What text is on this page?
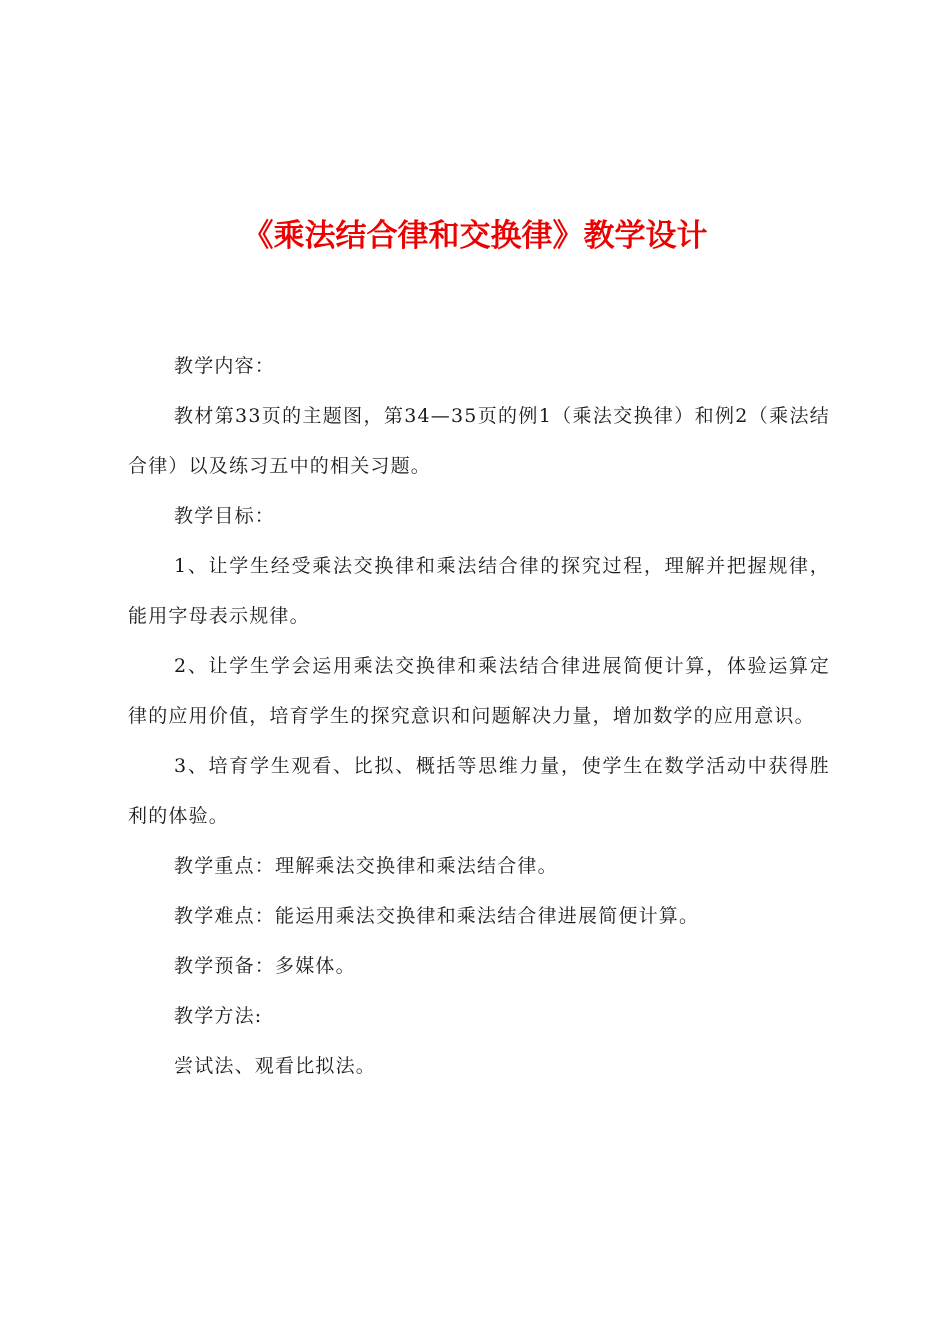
《乘法结合律和交换律》教学设计

教学内容：

教材第33页的主题图，第34—35页的例1（乘法交换律）和例2（乘法结合律）以及练习五中的相关习题。

教学目标：

1、让学生经受乘法交换律和乘法结合律的探究过程，理解并把握规律，能用字母表示规律。

2、让学生学会运用乘法交换律和乘法结合律进展简便计算，体验运算定律的应用价值，培育学生的探究意识和问题解决力量，增加数学的应用意识。

3、培育学生观看、比拟、概括等思维力量，使学生在数学活动中获得胜利的体验。

教学重点：理解乘法交换律和乘法结合律。

教学难点：能运用乘法交换律和乘法结合律进展简便计算。

教学预备：多媒体。

教学方法:

尝试法、观看比拟法。
